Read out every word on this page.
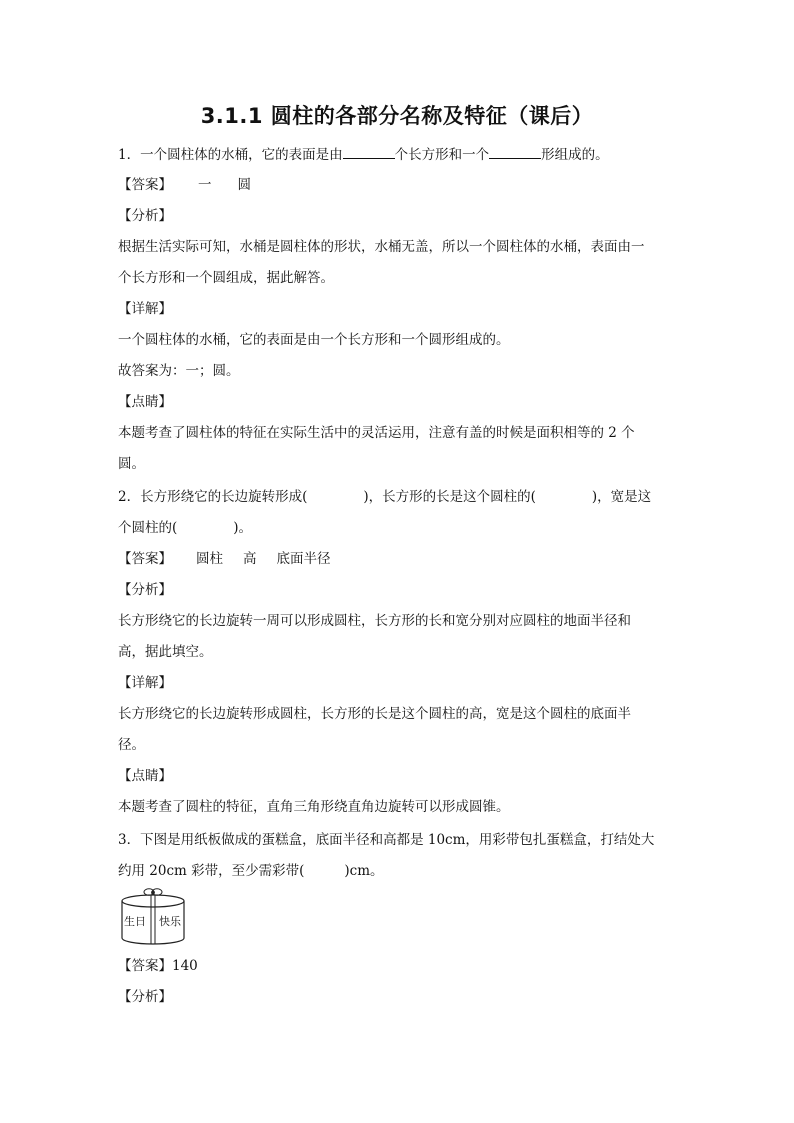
3.1.1 圆柱的各部分名称及特征（课后）
1．一个圆柱体的水桶，它的表面是由	个长方形和一个	形组成的。
【答案】 一 圆
【分析】
根据生活实际可知，水桶是圆柱体的形状，水桶无盖，所以一个圆柱体的水桶，表面由一
个长方形和一个圆组成，据此解答。
【详解】
一个圆柱体的水桶，它的表面是由一个长方形和一个圆形组成的。
故答案为：一；圆。
【点睛】
本题考查了圆柱体的特征在实际生活中的灵活运用，注意有盖的时候是面积相等的 2 个
圆。
2．长方形绕它的长边旋转形成(	)，长方形的长是这个圆柱的(	)，宽是这
个圆柱的(	)。
【答案】 圆柱 高 底面半径
【分析】
长方形绕它的长边旋转一周可以形成圆柱，长方形的长和宽分别对应圆柱的地面半径和
高，据此填空。
【详解】
长方形绕它的长边旋转形成圆柱，长方形的长是这个圆柱的高，宽是这个圆柱的底面半
径。
【点睛】
本题考查了圆柱的特征，直角三角形绕直角边旋转可以形成圆锥。
3．下图是用纸板做成的蛋糕盒，底面半径和高都是 10cm，用彩带包扎蛋糕盒，打结处大
约用 20cm 彩带，至少需彩带(	)cm。
生日 快乐
【答案】140
【分析】
